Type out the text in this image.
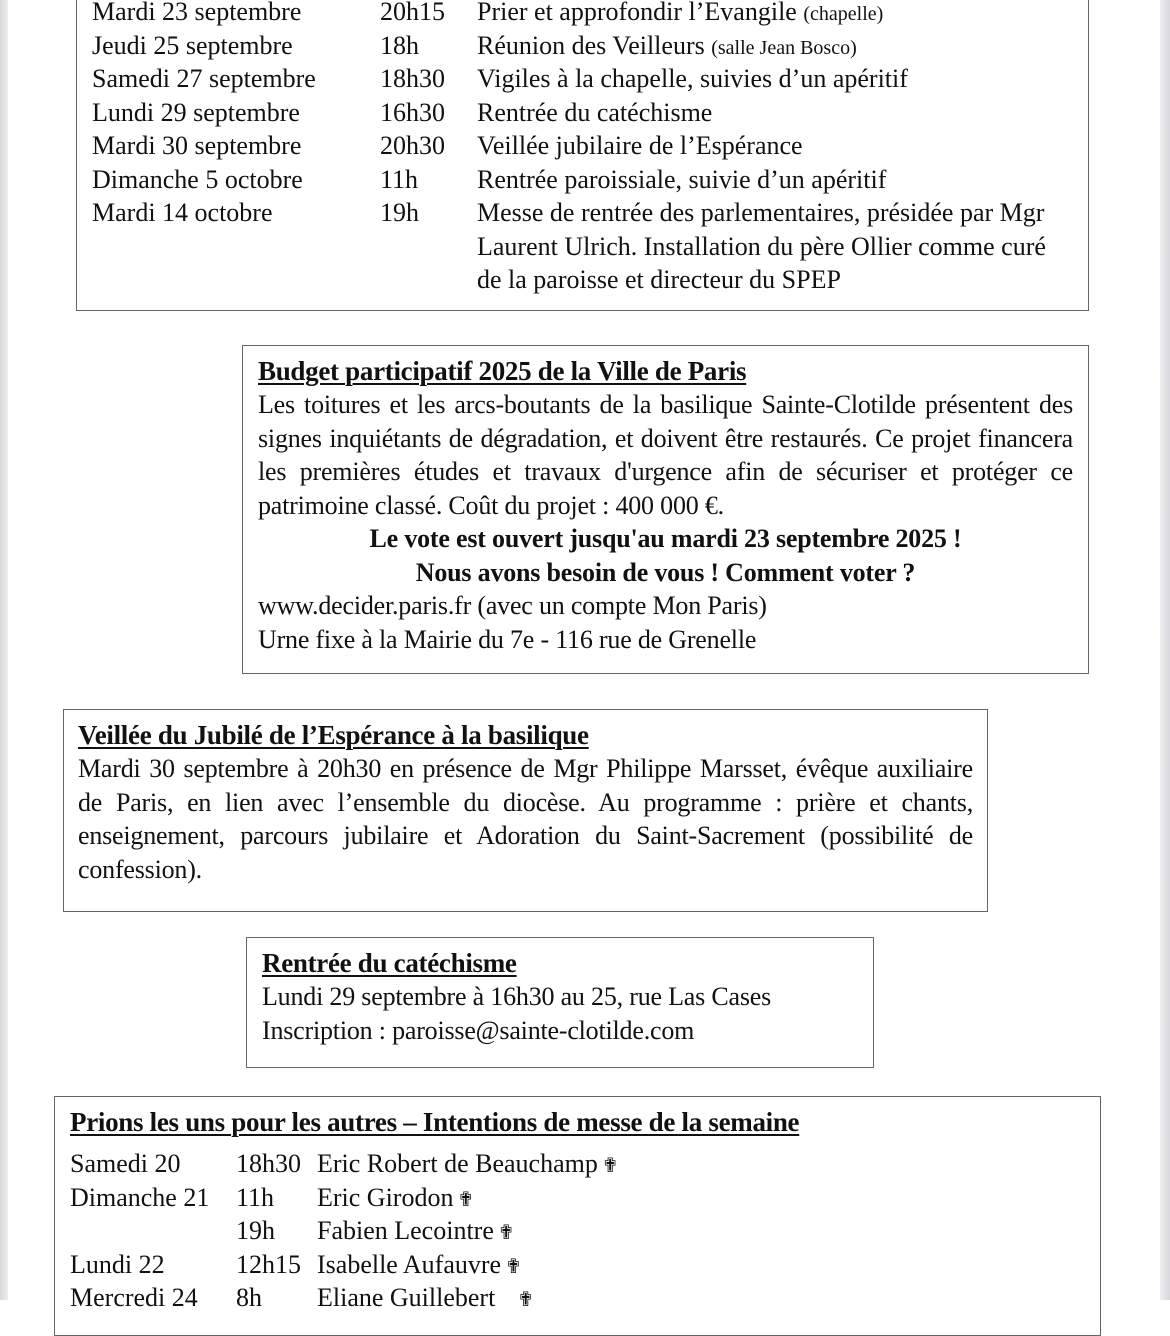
Mardi 23 septembre	20h15 Prier et approfondir l’Evangile (chapelle)
Jeudi 25 septembre	18h Réunion des Veilleurs (salle Jean Bosco)
Samedi 27 septembre 18h30 Vigiles à la chapelle, suivies d’un apéritif
Lundi 29 septembre	16h30 Rentrée du catéchisme
Mardi 30 septembre	20h30 Veillée jubilaire de l’Espérance
Dimanche 5 octobre	11h Rentrée paroissiale, suivie d’un apéritif
Mardi 14 octobre	19h Messe de rentrée des parlementaires, présidée par Mgr Laurent Ulrich. Installation du père Ollier comme curé de la paroisse et directeur du SPEP
Budget participatif 2025 de la Ville de Paris
Les toitures et les arcs-boutants de la basilique Sainte-Clotilde présentent des signes inquiétants de dégradation, et doivent être restaurés. Ce projet financera les premières études et travaux d'urgence afin de sécuriser et protéger ce patrimoine classé. Coût du projet : 400 000 €.
Le vote est ouvert jusqu'au mardi 23 septembre 2025 !
Nous avons besoin de vous ! Comment voter ?
www.decider.paris.fr (avec un compte Mon Paris)
Urne fixe à la Mairie du 7e - 116 rue de Grenelle
Veillée du Jubilé de l’Espérance à la basilique
Mardi 30 septembre à 20h30 en présence de Mgr Philippe Marsset, évêque auxiliaire de Paris, en lien avec l’ensemble du diocèse. Au programme : prière et chants, enseignement, parcours jubilaire et Adoration du Saint-Sacrement (possibilité de confession).
Rentrée du catéchisme
Lundi 29 septembre à 16h30 au 25, rue Las Cases
Inscription : paroisse@sainte-clotilde.com
Prions les uns pour les autres – Intentions de messe de la semaine
Samedi 20 18h30 Eric Robert de Beauchamp ✟
Dimanche 21 11h Eric Girodon ✟
19h Fabien Lecointre ✟
Lundi 22	12h15 Isabelle Aufauvre ✟
Mercredi 24 8h Eliane Guillebert ✟
